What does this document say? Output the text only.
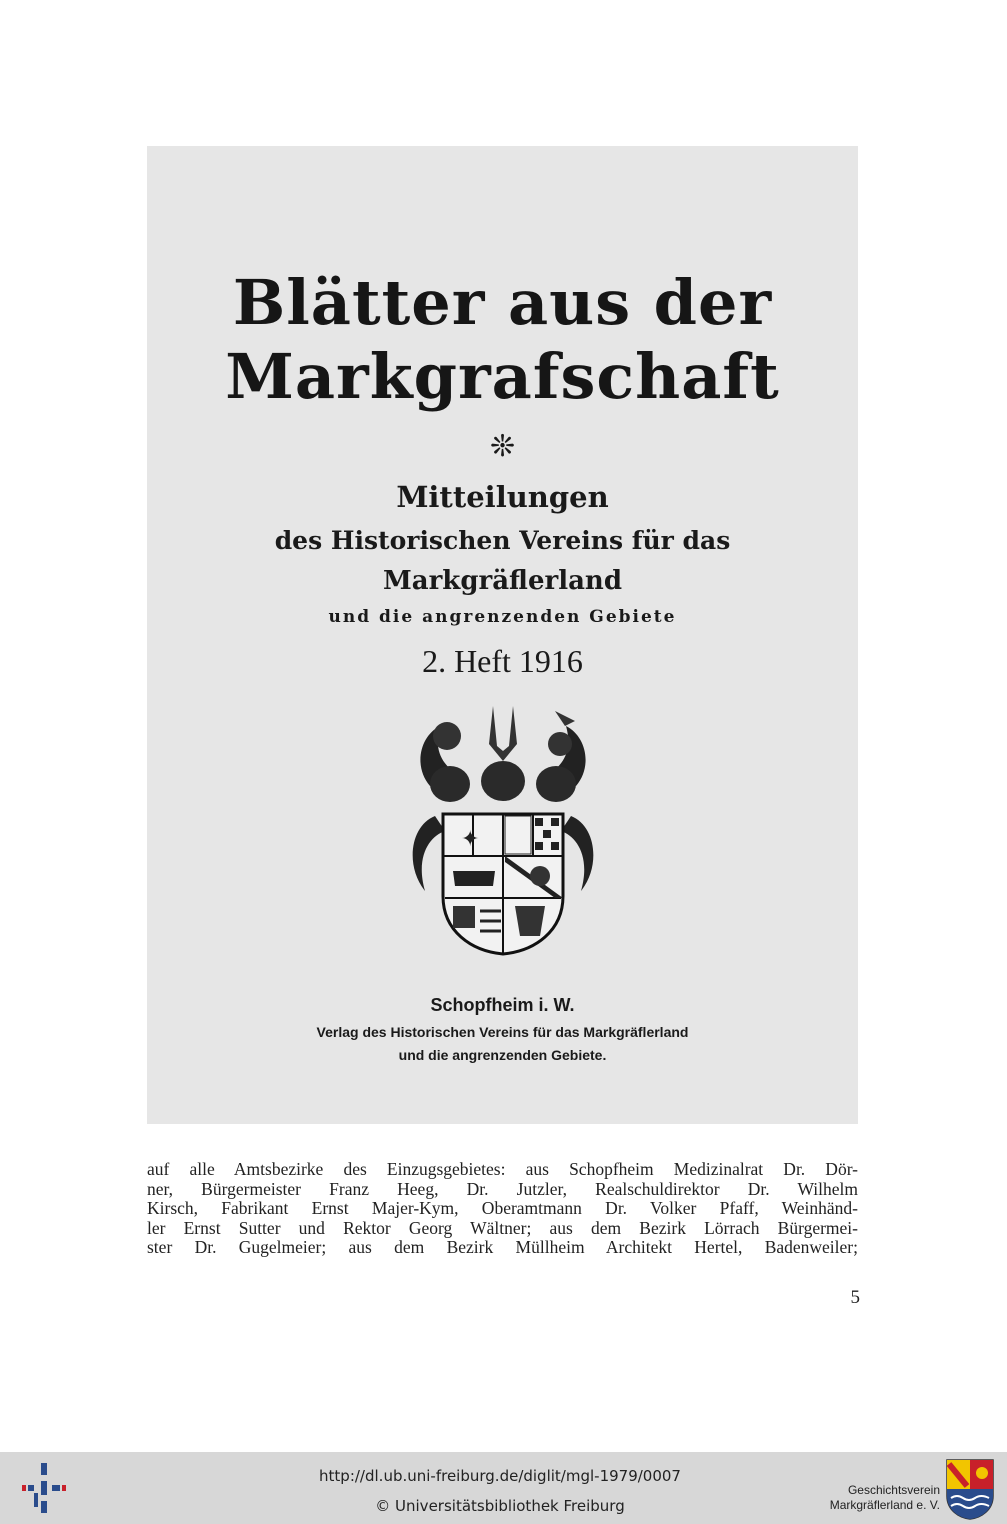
Blätter aus der
Markgrafschaft
❊
Mitteilungen
des Historischen Vereins für das
Markgräflerland
und die angrenzenden Gebiete
2. Heft 1916
✦
Schopfheim i. W.
Verlag des Historischen Vereins für das Markgräflerland
und die angrenzenden Gebiete.
auf alle Amtsbezirke des Einzugsgebietes: aus Schopfheim Medizinalrat Dr. Dör-
ner, Bürgermeister Franz Heeg, Dr. Jutzler, Realschuldirektor Dr. Wilhelm
Kirsch, Fabrikant Ernst Majer-Kym, Oberamtmann Dr. Volker Pfaff, Weinhänd-
ler Ernst Sutter und Rektor Georg Wältner; aus dem Bezirk Lörrach Bürgermei-
ster Dr. Gugelmeier; aus dem Bezirk Müllheim Architekt Hertel, Badenweiler;
5
http://dl.ub.uni-freiburg.de/diglit/mgl-1979/0007
© Universitätsbibliothek Freiburg
Geschichtsverein
Markgräflerland e. V.
